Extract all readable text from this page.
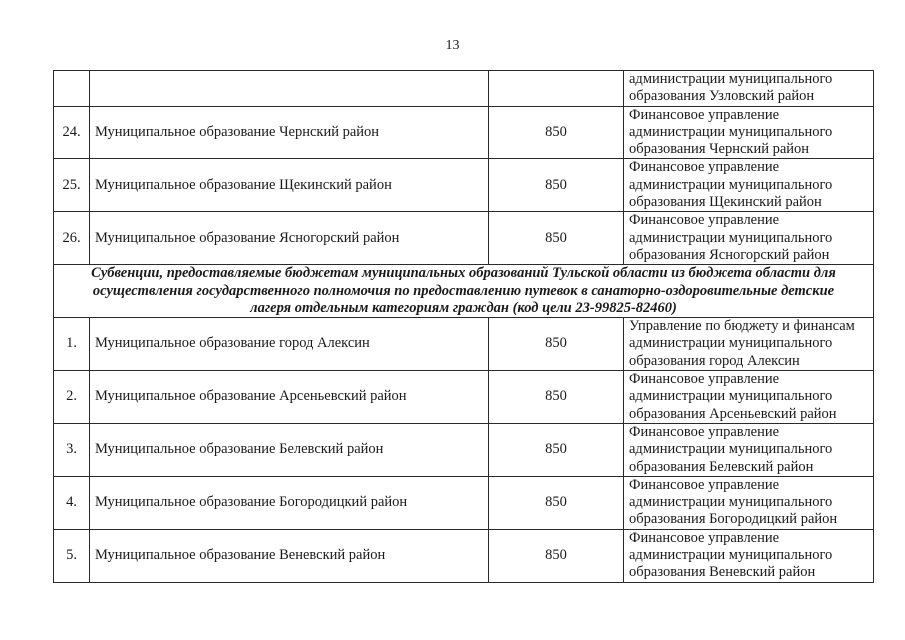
13

			администрации муниципального
образования Узловский район

24.	Муниципальное образование Чернский район	850	Финансовое управление
администрации муниципального
образования Чернский район

25.	Муниципальное образование Щекинский район	850	Финансовое управление
администрации муниципального
образования Щекинский район

26.	Муниципальное образование Ясногорский район	850	Финансовое управление
администрации муниципального
образования Ясногорский район

Субвенции, предоставляемые бюджетам муниципальных образований Тульской области из бюджета области для
осуществления государственного полномочия по предоставлению путевок в санаторно-оздоровительные детские
лагеря отдельным категориям граждан (код цели 23-99825-82460)			

1.	Муниципальное образование город Алексин	850	Управление по бюджету и финансам
администрации муниципального
образования город Алексин

2.	Муниципальное образование Арсеньевский район	850	Финансовое управление
администрации муниципального
образования Арсеньевский район

3.	Муниципальное образование Белевский район	850	Финансовое управление
администрации муниципального
образования Белевский район

4.	Муниципальное образование Богородицкий район	850	Финансовое управление
администрации муниципального
образования Богородицкий район

5.	Муниципальное образование Веневский район	850	Финансовое управление
администрации муниципального
образования Веневский район
